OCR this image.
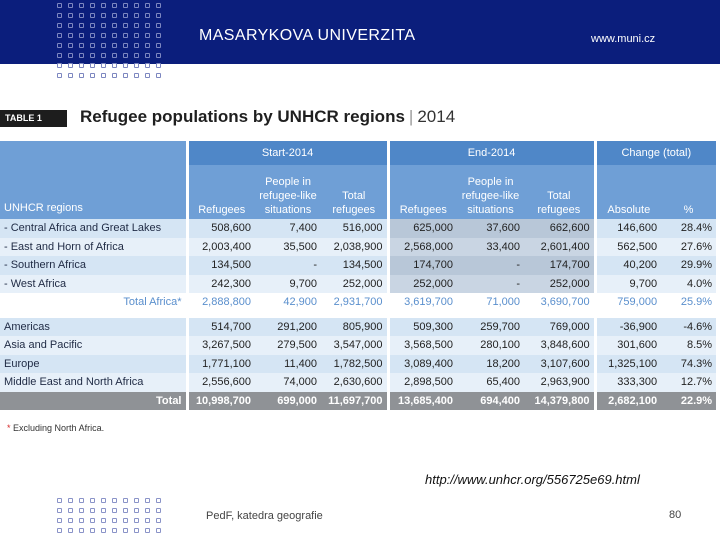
MASARYKOVA UNIVERZITA	www.muni.cz
TABLE 1	Refugee populations by UNHCR regions | 2014
UNHCR regions	Start-2014			End-2014			Change (total)	
	Refugees	People in refugee-like situations	Total refugees	Refugees	People in refugee-like situations	Total refugees	Absolute	%
- Central Africa and Great Lakes	508,600	7,400	516,000	625,000	37,600	662,600	146,600	28.4%
- East and Horn of Africa	2,003,400	35,500	2,038,900	2,568,000	33,400	2,601,400	562,500	27.6%
- Southern Africa	134,500	-	134,500	174,700	-	174,700	40,200	29.9%
- West Africa	242,300	9,700	252,000	252,000	-	252,000	9,700	4.0%
Total Africa*	2,888,800	42,900	2,931,700	3,619,700	71,000	3,690,700	759,000	25.9%

Americas	514,700	291,200	805,900	509,300	259,700	769,000	-36,900	-4.6%
Asia and Pacific	3,267,500	279,500	3,547,000	3,568,500	280,100	3,848,600	301,600	8.5%
Europe	1,771,100	11,400	1,782,500	3,089,400	18,200	3,107,600	1,325,100	74.3%
Middle East and North Africa	2,556,600	74,000	2,630,600	2,898,500	65,400	2,963,900	333,300	12.7%
Total	10,998,700	699,000	11,697,700	13,685,400	694,400	14,379,800	2,682,100	22.9%
* Excluding North Africa.
http://www.unhcr.org/556725e69.html
PedF, katedra geografie	80
